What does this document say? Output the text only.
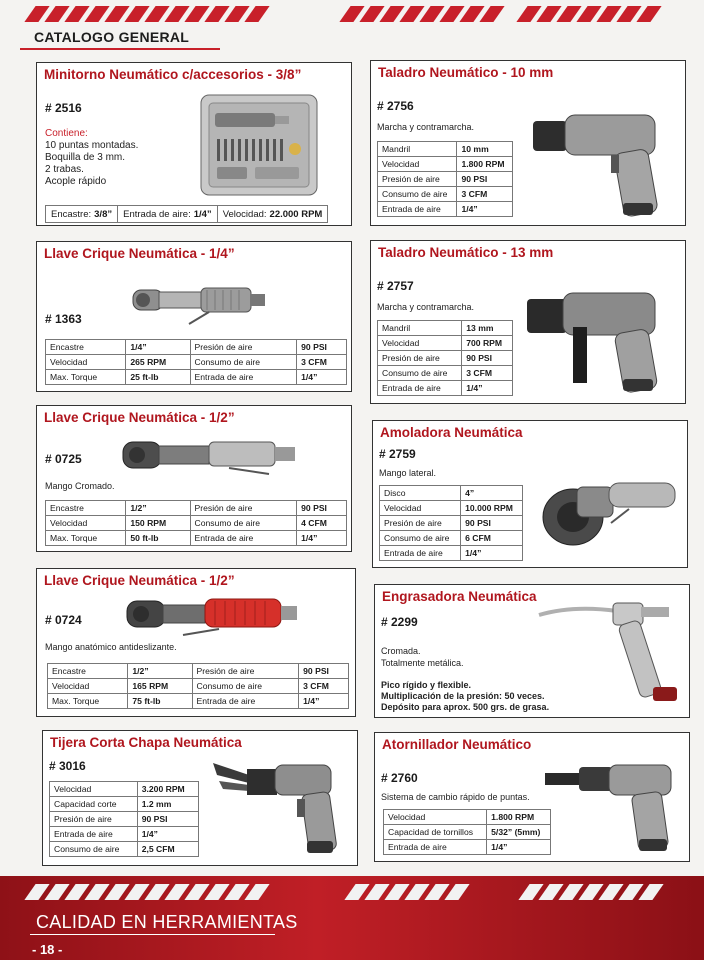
CATALOGO GENERAL
Minitorno Neumático c/accesorios - 3/8”
# 2516
Contiene:
10 puntas montadas.
Boquilla de 3 mm.
2 trabas.
Acople rápido
Encastre: 3/8” Entrada de aire: 1/4” Velocidad: 22.000 RPM
Llave Crique Neumática - 1/4”
# 1363
Encastre	1/4”	Presión de aire	90 PSI
Velocidad	265 RPM	Consumo de aire	3 CFM
Max. Torque	25 ft-lb	Entrada de aire	1/4”
Llave Crique Neumática - 1/2”
# 0725
Mango Cromado.
Encastre	1/2”	Presión de aire	90 PSI
Velocidad	150 RPM	Consumo de aire	4 CFM
Max. Torque	50 ft-lb	Entrada de aire	1/4”
Llave Crique Neumática - 1/2”
# 0724
Mango anatómico antideslizante.
Encastre	1/2”	Presión de aire	90 PSI
Velocidad	165 RPM	Consumo de aire	3 CFM
Max. Torque	75 ft-lb	Entrada de aire	1/4”
Tijera Corta Chapa Neumática
# 3016
Velocidad	3.200 RPM
Capacidad corte	1.2 mm
Presión de aire	90 PSI
Entrada de aire	1/4”
Consumo de aire	2,5 CFM
Taladro Neumático - 10 mm
# 2756
Marcha y contramarcha.
Mandril	10 mm
Velocidad	1.800 RPM
Presión de aire	90 PSI
Consumo de aire	3 CFM
Entrada de aire	1/4”
Taladro Neumático - 13 mm
# 2757
Marcha y contramarcha.
Mandril	13 mm
Velocidad	700 RPM
Presión de aire	90 PSI
Consumo de aire	3 CFM
Entrada de aire	1/4”
Amoladora Neumática
# 2759
Mango lateral.
Disco	4”
Velocidad	10.000 RPM
Presión de aire	90 PSI
Consumo de aire	6 CFM
Entrada de aire	1/4”
Engrasadora Neumática
# 2299
Cromada.
Totalmente metálica.
Pico rígido y flexible.
Multiplicación de la presión: 50 veces.
Depósito para aprox. 500 grs. de grasa.
Atornillador Neumático
# 2760
Sistema de cambio rápido de puntas.
Velocidad	1.800 RPM
Capacidad de tornillos	5/32” (5mm)
Entrada de aire	1/4”
CALIDAD EN HERRAMIENTAS
- 18 -
